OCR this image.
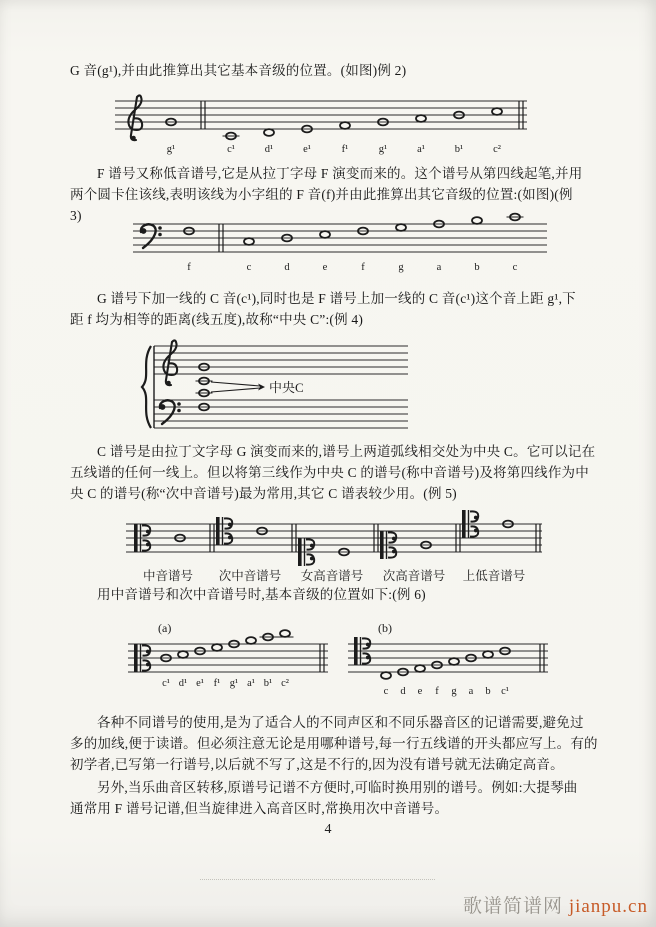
G 音(g¹),并由此推算出其它基本音级的位置。(如图)例 2)
g¹	c¹	d¹	e¹	f¹	g¹	a¹	b¹	c²
F 谱号又称低音谱号,它是从拉丁字母 F 演变而来的。这个谱号从第四线起笔,并用
两个圆卡住该线,表明该线为小字组的 F 音(f)并由此推算出其它音级的位置:(如图)(例
3)
f	c	d	e	f	g	a	b	c
G 谱号下加一线的 C 音(c¹),同时也是 F 谱号上加一线的 C 音(c¹)这个音上距 g¹,下
距 f 均为相等的距离(线五度),故称“中央 C”:(例 4)
中央C
C 谱号是由拉丁文字母 G 演变而来的,谱号上两道弧线相交处为中央 C。它可以记在
五线谱的任何一线上。但以将第三线作为中央 C 的谱号(称中音谱号)及将第四线作为中
央 C 的谱号(称“次中音谱号)最为常用,其它 C 谱表较少用。(例 5)
中音谱号 次中音谱号 女高音谱号 次高音谱号 上低音谱号
用中音谱号和次中音谱号时,基本音级的位置如下:(例 6)
c¹ d¹ e¹ f¹ g¹ a¹ b¹ c²
c d e f g a b c¹
(a)	(b)
各种不同谱号的使用,是为了适合人的不同声区和不同乐器音区的记谱需要,避免过
多的加线,便于读谱。但必须注意无论是用哪种谱号,每一行五线谱的开头都应写上。有的
初学者,已写第一行谱号,以后就不写了,这是不行的,因为没有谱号就无法确定高音。
另外,当乐曲音区转移,原谱号记谱不方便时,可临时换用别的谱号。例如:大提琴曲
通常用 F 谱号记谱,但当旋律进入高音区时,常换用次中音谱号。
4
歌谱简谱网 jianpu.cn
